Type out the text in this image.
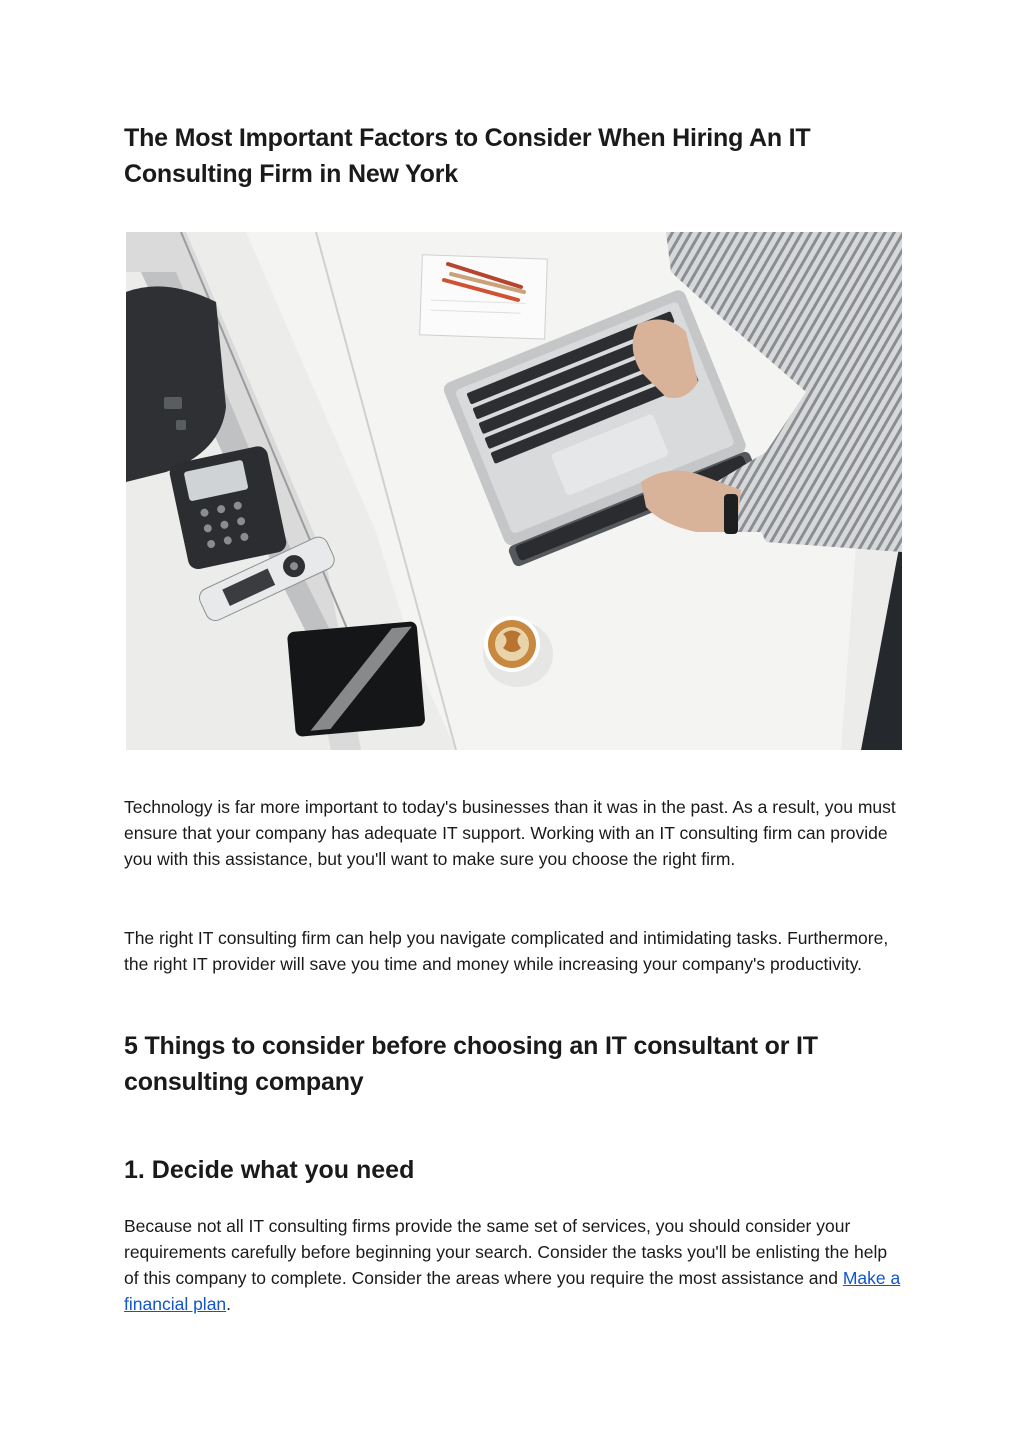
The Most Important Factors to Consider When Hiring An IT Consulting Firm in New York

Technology is far more important to today's businesses than it was in the past. As a result, you must ensure that your company has adequate IT support. Working with an IT consulting firm can provide you with this assistance, but you'll want to make sure you choose the right firm.

The right IT consulting firm can help you navigate complicated and intimidating tasks. Furthermore, the right IT provider will save you time and money while increasing your company's productivity.

5 Things to consider before choosing an IT consultant or IT consulting company
1. Decide what you need

Because not all IT consulting firms provide the same set of services, you should consider your requirements carefully before beginning your search. Consider the tasks you'll be enlisting the help of this company to complete. Consider the areas where you require the most assistance and Make a financial plan.
